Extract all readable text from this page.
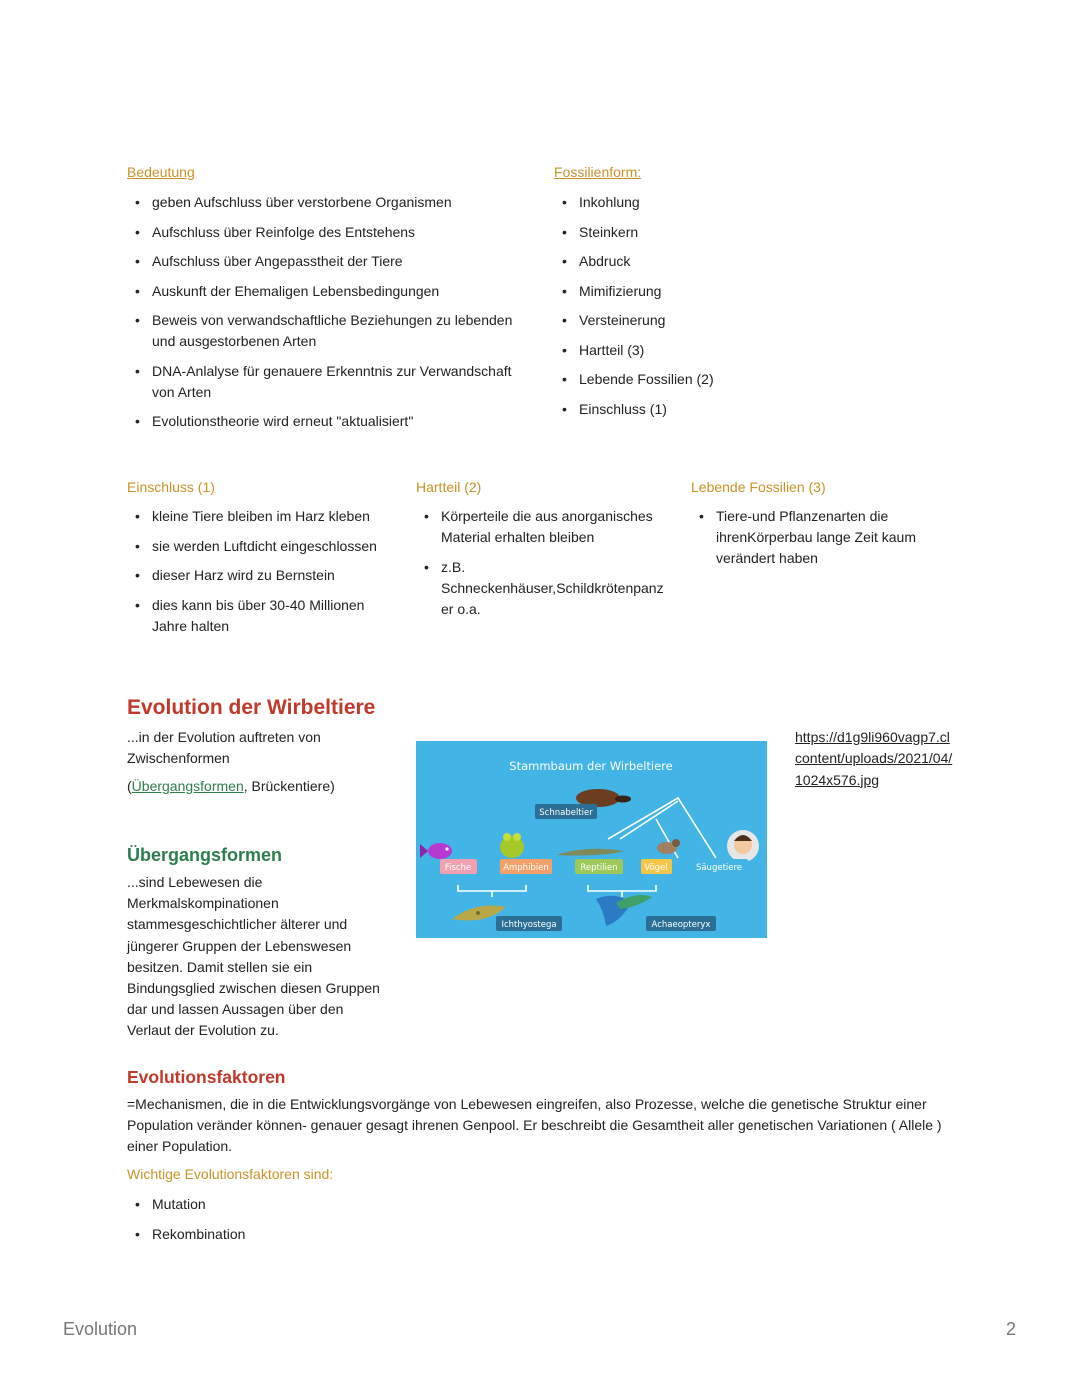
Bedeutung
• geben Aufschluss über verstorbene Organismen
• Aufschluss über Reinfolge des Entstehens
• Aufschluss über Angepasstheit der Tiere
• Auskunft der Ehemaligen Lebensbedingungen
• Beweis von verwandschaftliche Beziehungen zu lebenden und ausgestorbenen Arten
• DNA-Anlalyse für genauere Erkenntnis zur Verwandschaft von Arten
• Evolutionstheorie wird erneut "aktualisiert"
Fossilienform:
• Inkohlung
• Steinkern
• Abdruck
• Mimifizierung
• Versteinerung
• Hartteil (3)
• Lebende Fossilien (2)
• Einschluss (1)
Einschluss (1)
• kleine Tiere bleiben im Harz kleben
• sie werden Luftdicht eingeschlossen
• dieser Harz wird zu Bernstein
• dies kann bis über 30-40 Millionen Jahre halten
Hartteil (2)
• Körperteile die aus anorganisches Material erhalten bleiben
• z.B. Schneckenhäuser,Schildkrötenpanzer o.a.
Lebende Fossilien (3)
• Tiere-und Pflanzenarten die ihrenKörperbau lange Zeit kaum verändert haben
Evolution der Wirbeltiere
...in der Evolution auftreten von Zwischenformen
(Übergangsformen, Brückentiere)
Übergangsformen
...sind Lebewesen die Merkmalskompinationen stammesgeschichtlicher älterer und jüngerer Gruppen der Lebenswesen besitzen. Damit stellen sie ein Bindungsglied zwischen diesen Gruppen dar und lassen Aussagen über den Verlaut der Evolution zu.
Stammbaum der Wirbeltiere
Schnabeltier
Fische	Amphibien	Reptilien	Vögel	Säugetiere
Ichthyostega	Achaeopteryx
https://d1g9li960vagp7.cl
content/uploads/2021/04/
1024x576.jpg
Evolutionsfaktoren
=Mechanismen, die in die Entwicklungsvorgänge von Lebewesen eingreifen, also Prozesse, welche die genetische Struktur einer Population veränder können- genauer gesagt ihrenen Genpool. Er beschreibt die Gesamtheit aller genetischen Variationen ( Allele ) einer Population.
Wichtige Evolutionsfaktoren sind:
• Mutation
• Rekombination
Evolution	2
